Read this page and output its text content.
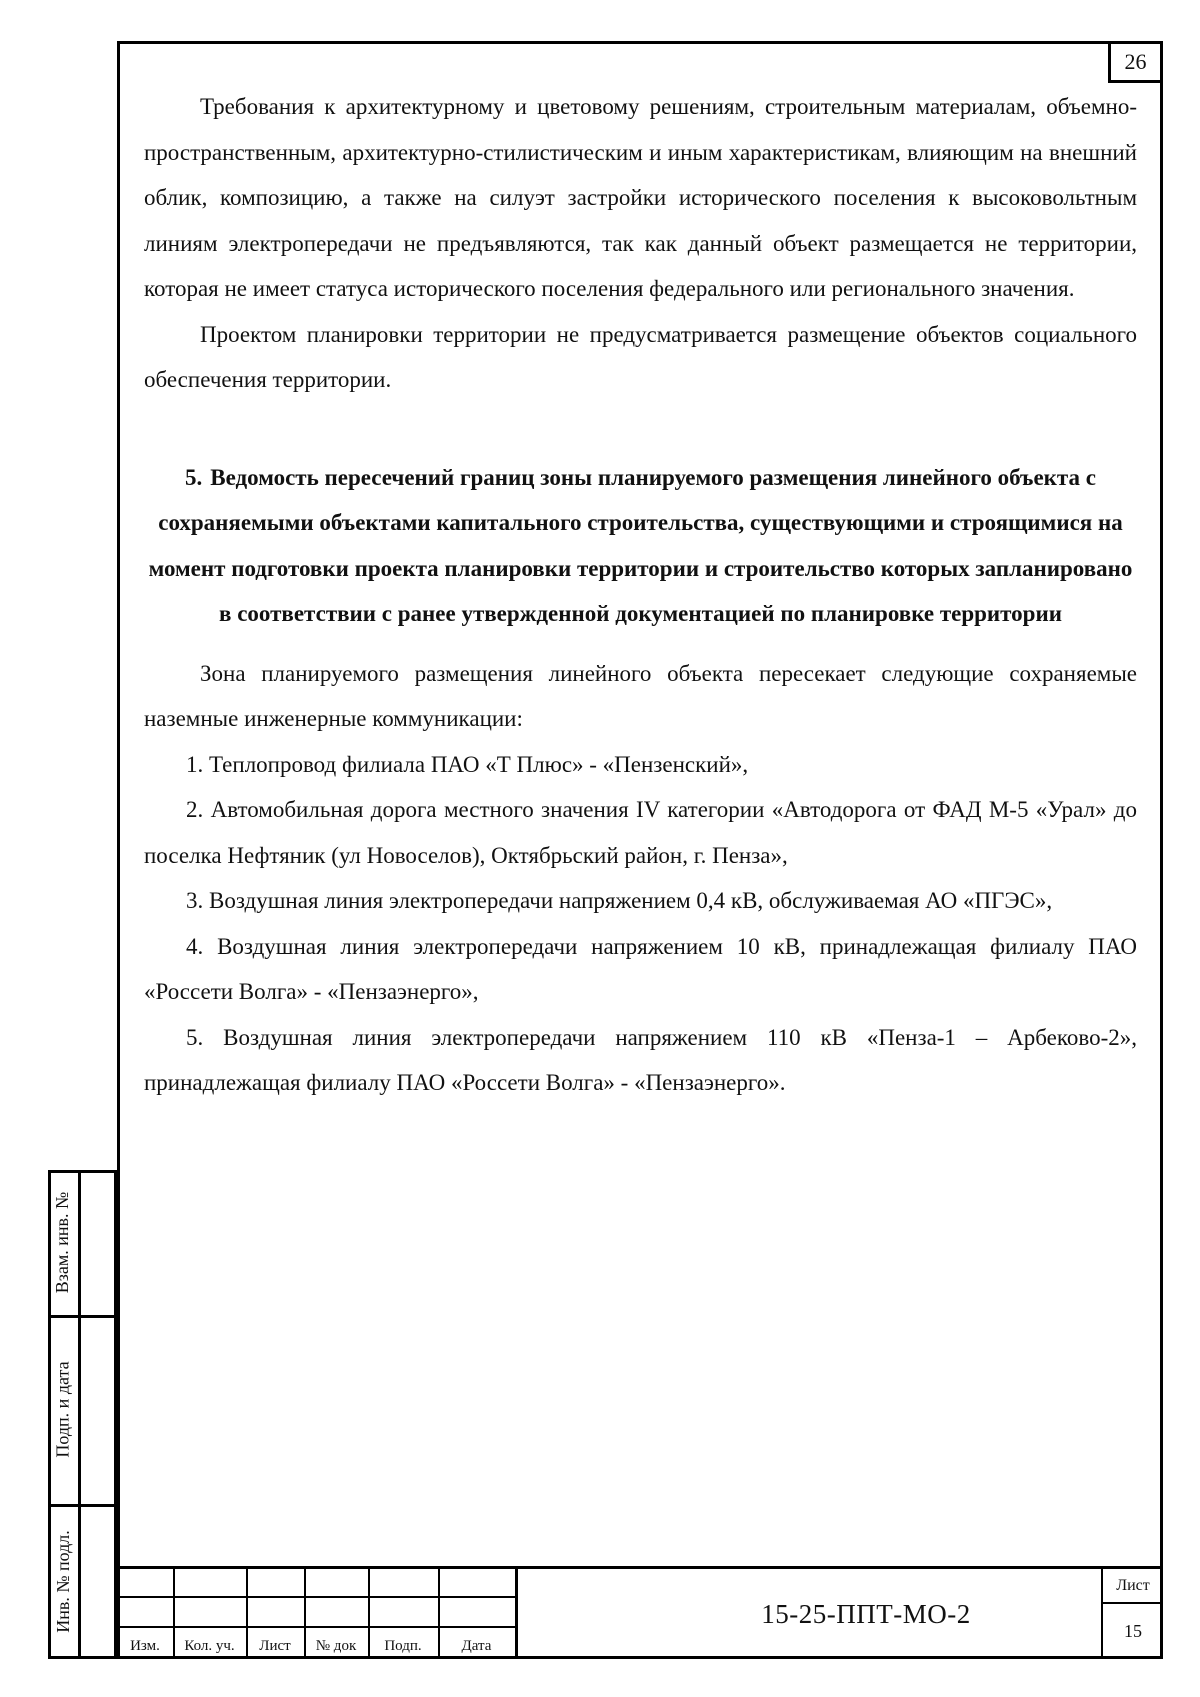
26

Требования к архитектурному и цветовому решениям, строительным материалам, объемно-пространственным, архитектурно-стилистическим и иным характеристикам, влияющим на внешний облик, композицию, а также на силуэт застройки исторического поселения к высоковольтным линиям электропередачи не предъявляются, так как данный объект размещается не территории, которая не имеет статуса исторического поселения федерального или регионального значения.

Проектом планировки территории не предусматривается размещение объектов социального обеспечения территории.

5. Ведомость пересечений границ зоны планируемого размещения линейного объекта с сохраняемыми объектами капитального строительства, существующими и строящимися на момент подготовки проекта планировки территории и строительство которых запланировано в соответствии с ранее утвержденной документацией по планировке территории

Зона планируемого размещения линейного объекта пересекает следующие сохраняемые наземные инженерные коммуникации:

1. Теплопровод филиала ПАО «Т Плюс» - «Пензенский»,

2. Автомобильная дорога местного значения IV категории «Автодорога от ФАД М-5 «Урал» до поселка Нефтяник (ул Новоселов), Октябрьский район, г. Пенза»,

3. Воздушная линия электропередачи напряжением 0,4 кВ, обслуживаемая АО «ПГЭС»,

4. Воздушная линия электропередачи напряжением 10 кВ, принадлежащая филиалу ПАО «Россети Волга» - «Пензаэнерго»,

5. Воздушная линия электропередачи напряжением 110 кВ «Пенза-1 – Арбеково-2», принадлежащая филиалу ПАО «Россети Волга» - «Пензаэнерго».

Взам. инв. №
Подп. и дата
Инв. № подл.
Изм.	Кол. уч.	Лист	№ док	Подп.	Дата
15-25-ППТ-МО-2
Лист
15
